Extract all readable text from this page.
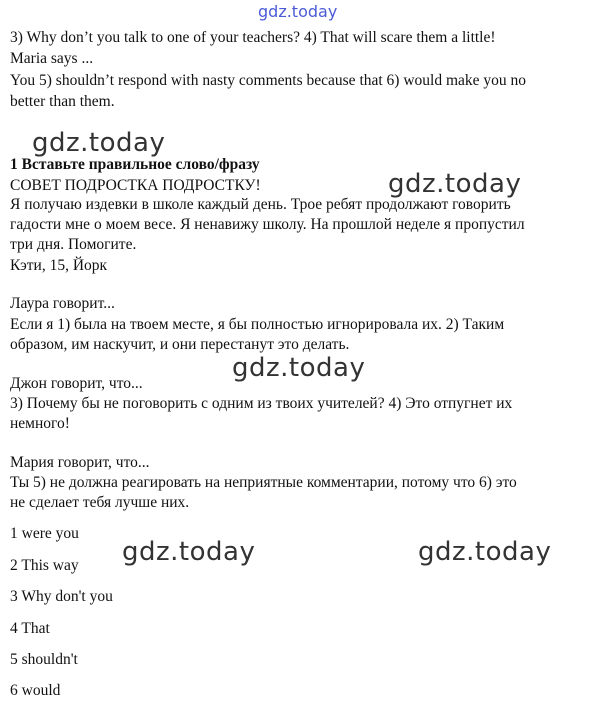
gdz.today
3) Why don’t you talk to one of your teachers? 4) That will scare them a little!
Maria says ...
You 5) shouldn’t respond with nasty comments because that 6) would make you no
better than them.
gdz.today
1 Вставьте правильное слово/фразу
СОВЕТ ПОДРОСТКА ПОДРОСТКУ!	gdz.today
Я получаю издевки в школе каждый день. Трое ребят продолжают говорить
гадости мне о моем весе. Я ненавижу школу. На прошлой неделе я пропустил
три дня. Помогите.
Кэти, 15, Йорк
Лаура говорит...
Если я 1) была на твоем месте, я бы полностью игнорировала их. 2) Таким
образом, им наскучит, и они перестанут это делать.
gdz.today
Джон говорит, что...
3) Почему бы не поговорить с одним из твоих учителей? 4) Это отпугнет их
немного!
Мария говорит, что...
Ты 5) не должна реагировать на неприятные комментарии, потому что 6) это
не сделает тебя лучше них.
1 were you
2 This way
3 Why don't you
4 That
5 shouldn't
6 would
gdz.today	gdz.today
